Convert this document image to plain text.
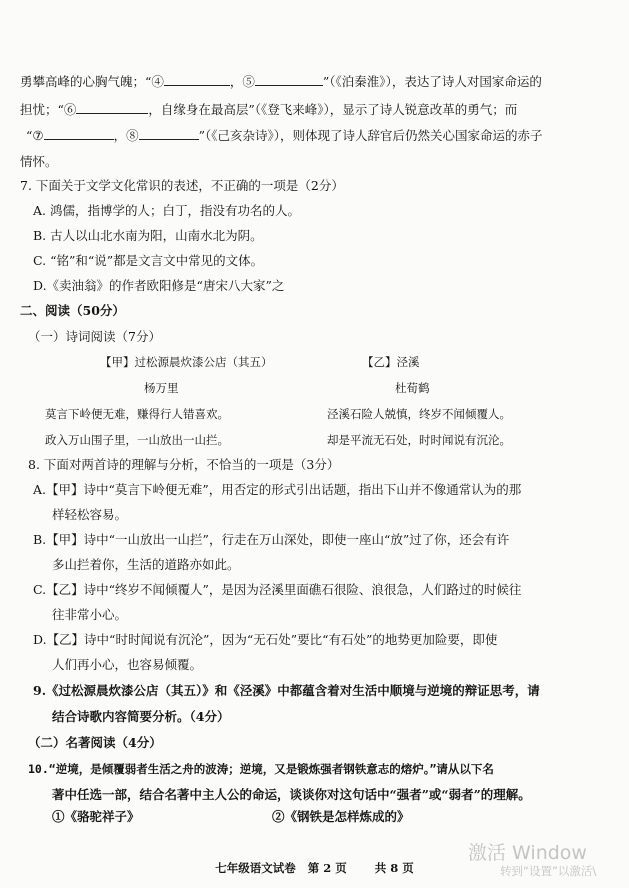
勇攀高峰的心胸气魄；“④	，⑤	”（《泊秦淮》），表达了诗人对国家命运的
担忧；“⑥	，自缘身在最高层”（《登飞来峰》），显示了诗人锐意改革的勇气；而
“⑦	，⑧	”（《己亥杂诗》），则体现了诗人辞官后仍然关心国家命运的赤子
情怀。
7. 下面关于文学文化常识的表述，不正确的一项是（2分）
A. 鸿儒，指博学的人；白丁，指没有功名的人。
B. 古人以山北水南为阳，山南水北为阴。
C. “铭”和“说”都是文言文中常见的文体。
D.《卖油翁》的作者欧阳修是“唐宋八大家”之
二、阅读（50分）
（一）诗词阅读（7分）
【甲】过松源晨炊漆公店（其五）
杨万里
莫言下岭便无难，赚得行人错喜欢。
政入万山围子里，一山放出一山拦。
【乙】泾溪
杜荀鹤
泾溪石险人兢慎，终岁不闻倾覆人。
却是平流无石处，时时闻说有沉沦。
8. 下面对两首诗的理解与分析，不恰当的一项是（3分）
A.【甲】诗中“莫言下岭便无难”，用否定的形式引出话题，指出下山并不像通常认为的那
样轻松容易。
B.【甲】诗中“一山放出一山拦”，行走在万山深处，即使一座山“放”过了你，还会有许
多山拦着你，生活的道路亦如此。
C.【乙】诗中“终岁不闻倾覆人”，是因为泾溪里面礁石很险、浪很急，人们路过的时候往
往非常小心。
D.【乙】诗中“时时闻说有沉沦”，因为“无石处”要比“有石处”的地势更加险要，即使
人们再小心，也容易倾覆。
9.《过松源晨炊漆公店（其五）》和《泾溪》中都蕴含着对生活中顺境与逆境的辩证思考，请
结合诗歌内容简要分析。（4分）
（二）名著阅读（4分）
10.“逆境，是倾覆弱者生活之舟的波涛；逆境，又是锻炼强者钢铁意志的熔炉。”请从以下名
著中任选一部，结合名著中主人公的命运，谈谈你对这句话中“强者”或“弱者”的理解。
①《骆驼祥子》	②《钢铁是怎样炼成的》
七年级语文试卷 第 2 页 共 8 页
激活 Window
转到“设置”以激活\
